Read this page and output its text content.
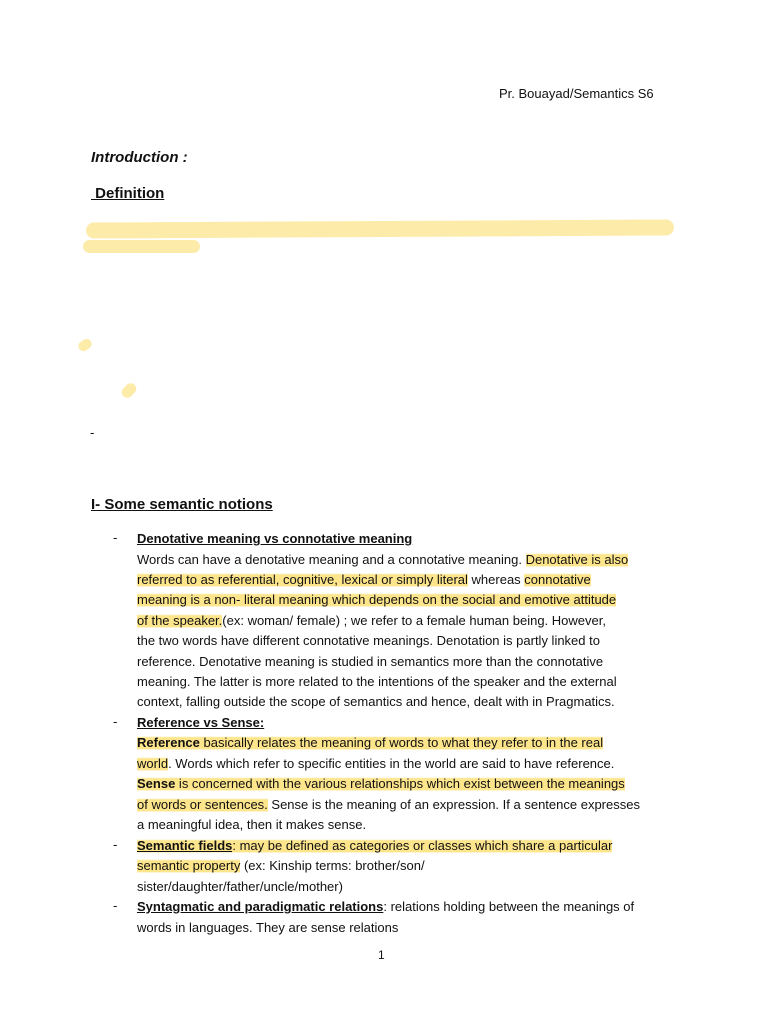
Pr. Bouayad/Semantics S6
Introduction :
Definition
-
I- Some semantic notions
- Denotative meaning vs connotative meaning
Words can have a denotative meaning and a connotative meaning. Denotative is also
referred to as referential, cognitive, lexical or simply literal whereas connotative
meaning is a non- literal meaning which depends on the social and emotive attitude
of the speaker.(ex: woman/ female) ; we refer to a female human being. However,
the two words have different connotative meanings. Denotation is partly linked to
reference. Denotative meaning is studied in semantics more than the connotative
meaning. The latter is more related to the intentions of the speaker and the external
context, falling outside the scope of semantics and hence, dealt with in Pragmatics.
- Reference vs Sense:
Reference basically relates the meaning of words to what they refer to in the real
world. Words which refer to specific entities in the world are said to have reference.
Sense is concerned with the various relationships which exist between the meanings
of words or sentences. Sense is the meaning of an expression. If a sentence expresses
a meaningful idea, then it makes sense.
- Semantic fields: may be defined as categories or classes which share a particular
semantic property (ex: Kinship terms: brother/son/
sister/daughter/father/uncle/mother)
- Syntagmatic and paradigmatic relations: relations holding between the meanings of
words in languages. They are sense relations
1
